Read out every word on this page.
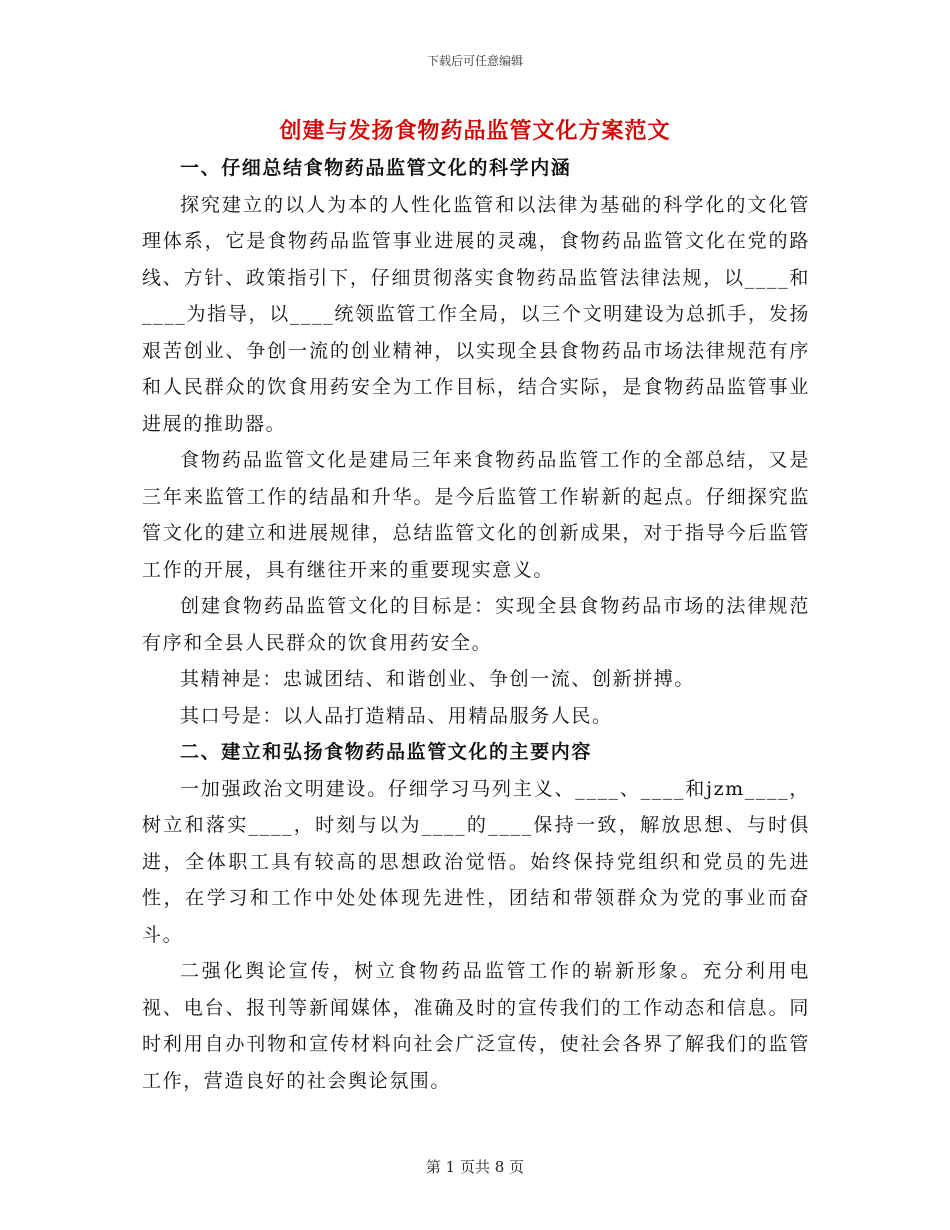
下载后可任意编辑
创建与发扬食物药品监管文化方案范文

一、仔细总结食物药品监管文化的科学内涵

探究建立的以人为本的人性化监管和以法律为基础的科学化的文化管理体系，它是食物药品监管事业进展的灵魂，食物药品监管文化在党的路线、方针、政策指引下，仔细贯彻落实食物药品监管法律法规，以____和____为指导，以____统领监管工作全局，以三个文明建设为总抓手，发扬艰苦创业、争创一流的创业精神，以实现全县食物药品市场法律规范有序和人民群众的饮食用药安全为工作目标，结合实际，是食物药品监管事业进展的推助器。

食物药品监管文化是建局三年来食物药品监管工作的全部总结，又是三年来监管工作的结晶和升华。是今后监管工作崭新的起点。仔细探究监管文化的建立和进展规律，总结监管文化的创新成果，对于指导今后监管工作的开展，具有继往开来的重要现实意义。

创建食物药品监管文化的目标是：实现全县食物药品市场的法律规范有序和全县人民群众的饮食用药安全。

其精神是：忠诚团结、和谐创业、争创一流、创新拼搏。

其口号是：以人品打造精品、用精品服务人民。

二、建立和弘扬食物药品监管文化的主要内容

一加强政治文明建设。仔细学习马列主义、____、____和jzm____，树立和落实____，时刻与以为____的____保持一致，解放思想、与时俱进，全体职工具有较高的思想政治觉悟。始终保持党组织和党员的先进性，在学习和工作中处处体现先进性，团结和带领群众为党的事业而奋斗。

二强化舆论宣传，树立食物药品监管工作的崭新形象。充分利用电视、电台、报刊等新闻媒体，准确及时的宣传我们的工作动态和信息。同时利用自办刊物和宣传材料向社会广泛宣传，使社会各界了解我们的监管工作，营造良好的社会舆论氛围。

第 1 页共 8 页
